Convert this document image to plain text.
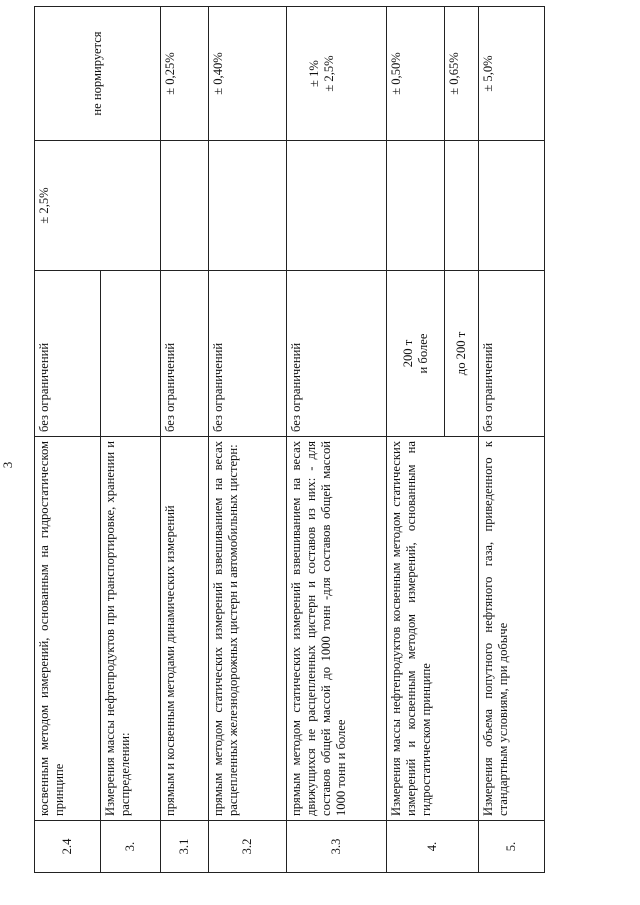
3
2.4	косвенным методом измерений, основанным на гидростатическом принципе	без ограничений	± 2,5%	не нормируется
3.	Измерения массы нефтепродуктов при транспортировке, хранении и распределении:			
3.1	прямым и косвенным методами динамических измерений	без ограничений		± 0,25%
3.2	прямым методом статических измерений взвешиванием на весах расцепленных железнодорожных цистерн и автомобильных цистерн:	без ограничений		± 0,40%
3.3	прямым методом статических измерений взвешиванием на весах движущихся не расцепленных цистерн и составов из них: - для составов общей массой до 1000 тонн -для составов общей массой 1000 тонн и более	без ограничений		± 1% ± 2,5%

4.	Измерения массы нефтепродуктов косвенным методом статических измерений и косвенным методом измерений, основанным на гидростатическом принципе	200 т и более		± 0,50%
		до 200 т		± 0,65%
5.	Измерения объема попутного нефтяного газа, приведенного к стандартным условиям, при добыче	без ограничений		± 5,0%
